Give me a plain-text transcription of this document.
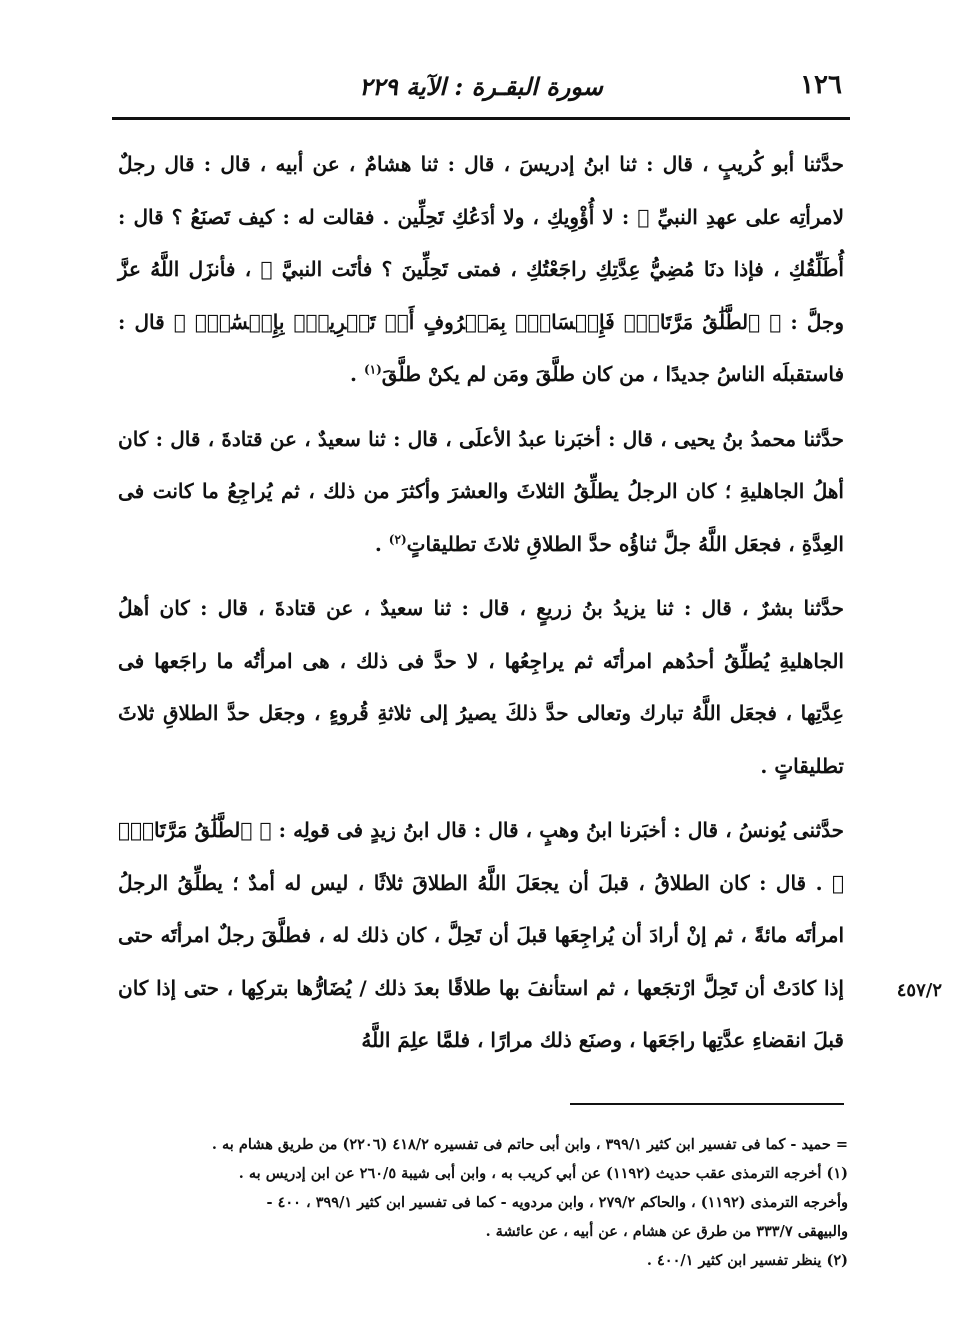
١٢٦
سورة البقـرة : الآية ٢٢٩

حدَّثنا أبو كُريبٍ ، قال : ثنا ابنُ إدريسَ ، قال : ثنا هشامٌ ، عن أبيه ، قال : قال رجلٌ لامرأتِه على عهدِ النبيِّ ﷺ : لا أُؤْوِيكِ ، ولا أدَعُكِ تَحِلِّين . فقالت له : كيف تَصنَعُ ؟ قال : أُطَلِّقُكِ ، فإذا دنَا مُضِيُّ عِدَّتِكِ راجَعْتُكِ ، فمتى تَحِلِّينَ ؟ فأتَت النبيَّ ﷺ ، فأنزَل اللَّهُ عزَّ وجلَّ : ﴿ ٱلطَّلَٰقُ مَرَّتَانِۖ فَإِمۡسَاكُۢ بِمَعۡرُوفٍ أَوۡ تَسۡرِيحُۢ بِإِحۡسَٰنٖۗ ﴾ قال : فاستقبلَه الناسُ جديدًا ، من كان طلَّقَ ومَن لم يكنْ طلَّقَ$^{(١)}$ .

حدَّثنا محمدُ بنُ يحيى ، قال : أخبَرنا عبدُ الأعلَى ، قال : ثنا سعيدٌ ، عن قتادةَ ، قال : كان أهلُ الجاهليةِ ؛ كان الرجلُ يطلِّقُ الثلاثَ والعشرَ وأكثرَ من ذلك ، ثم يُراجِعُ ما كانت فى العِدَّةِ ، فجعَل اللَّهُ جلَّ ثناؤُه حدَّ الطلاقِ ثلاثَ تطليقاتٍ$^{(٢)}$ .

حدَّثنا بشرٌ ، قال : ثنا يزيدُ بنُ زريعٍ ، قال : ثنا سعيدٌ ، عن قتادةَ ، قال : كان أهلُ الجاهليةِ يُطلِّقُ أحدُهم امرأتَه ثم يراجِعُها ، لا حدَّ فى ذلك ، هى امرأتُه ما راجَعها فى عِدَّتِها ، فجعَل اللَّهُ تبارك وتعالى حدَّ ذلكَ يصيرُ إلى ثلاثةِ قُروءٍ ، وجعَل حدَّ الطلاقِ ثلاثَ تطليقاتٍ .

حدَّثنى يُونسُ ، قال : أخبَرنا ابنُ وهبٍ ، قال : قال ابنُ زيدٍ فى قولِه : ﴿ ٱلطَّلَٰقُ مَرَّتَانِۖ ﴾ . قال : كان الطلاقُ ، قبلَ أن يجعَلَ اللَّهُ الطلاقَ ثلاثًا ، ليس له أمدٌ ؛ يطلِّقُ الرجلُ امرأتَه مائةً ، ثم إنْ أرادَ أن يُراجِعَها قبلَ أن تَحِلَّ ، كان ذلك له ، فطلَّقَ رجلٌ امرأتَه حتى إذا كادَتْ أن تَحِلَّ ارْتجَعها ، ثم استأنفَ بها طلاقًا بعدَ ذلك / يُضَارُّها بتركِها ، حتى إذا كان قبلَ انقضاءِ عدَّتِها راجَعَها ، وصنَع ذلك مرارًا ، فلمَّا علِمَ اللَّهُ

٤٥٧/٢

= حميد - كما فى تفسير ابن كثير ٣٩٩/١ ، وابن أبى حاتم فى تفسيره ٤١٨/٢ (٢٢٠٦) من طريق هشام به .

(١) أخرجه الترمذى عقب حديث (١١٩٢) عن أبي كريب به ، وابن أبى شيبة ٢٦٠/٥ عن ابن إدريس به .

وأخرجه الترمذى (١١٩٢) ، والحاكم ٢٧٩/٢ ، وابن مردويه - كما فى تفسير ابن كثير ٣٩٩/١ ، ٤٠٠ -

والبيهقى ٣٣٣/٧ من طرق عن هشام ، عن أبيه ، عن عائشة .

(٢) ينظر تفسير ابن كثير ٤٠٠/١ .
